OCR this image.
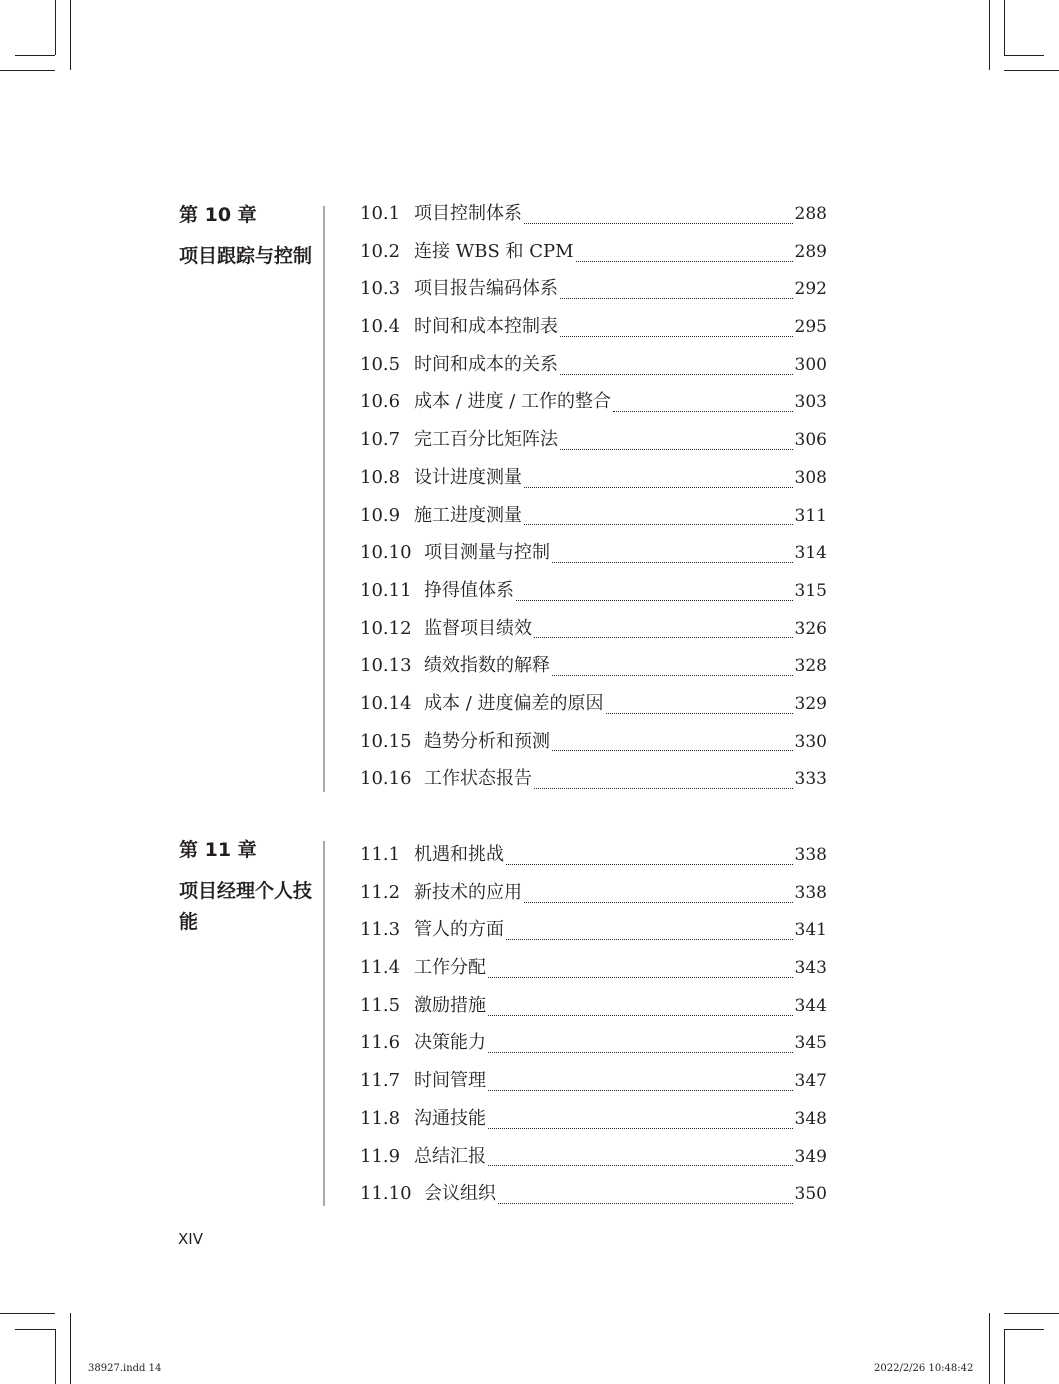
第 10 章
项目跟踪与控制
10.1 项目控制体系	288
10.2 连接 WBS 和 CPM	289
10.3 项目报告编码体系	292
10.4 时间和成本控制表	295
10.5 时间和成本的关系	300
10.6 成本 / 进度 / 工作的整合	303
10.7 完工百分比矩阵法	306
10.8 设计进度测量	308
10.9 施工进度测量	311
10.10 项目测量与控制	314
10.11 挣得值体系	315
10.12 监督项目绩效	326
10.13 绩效指数的解释	328
10.14 成本 / 进度偏差的原因	329
10.15 趋势分析和预测	330
10.16 工作状态报告	333
第 11 章
项目经理个人技能
11.1 机遇和挑战	338
11.2 新技术的应用	338
11.3 管人的方面	341
11.4 工作分配	343
11.5 激励措施	344
11.6 决策能力	345
11.7 时间管理	347
11.8 沟通技能	348
11.9 总结汇报	349
11.10 会议组织	350
XIV
38927.indd 14	2022/2/26 10:48:42
